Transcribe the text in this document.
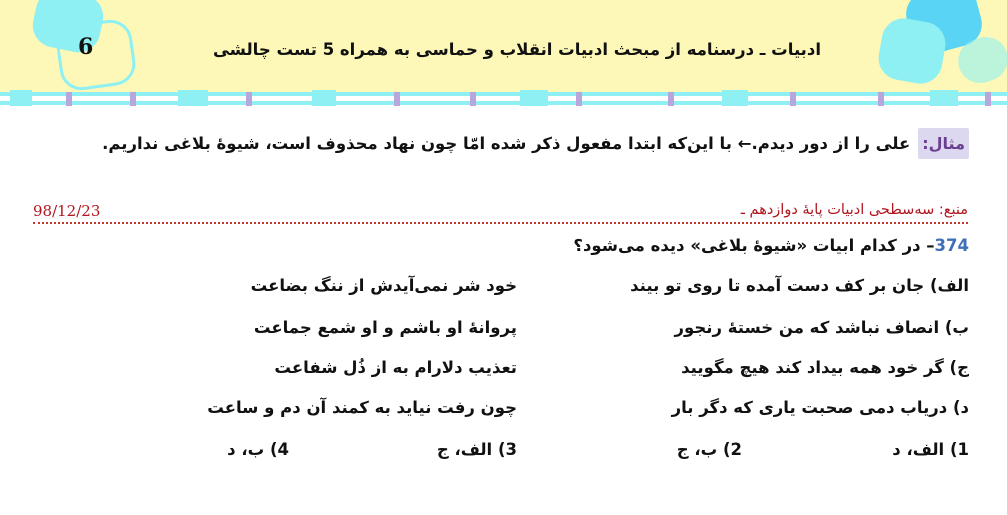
6	ادبیات ـ درسنامه از مبحث ادبیات انقلاب و حماسی به همراه 5 تست چالشی
مثال:
علی را از دور دیدم.← با این‌که ابتدا مفعول ذکر شده امّا چون نهاد محذوف است، شیوهٔ بلاغی نداریم.
منبع: سه‌سطحی ادبیات پایهٔ دوازدهم ـ
98/12/23
374– در کدام ابیات «شیوهٔ بلاغی» دیده می‌شود؟
الف) جان بر کف دست آمده تا روی تو بیند
خود شر نمی‌آیدش از ننگ بضاعت
ب) انصاف نباشد که من خستهٔ رنجور
پروانهٔ او باشم و او شمع جماعت
ج) گر خود همه بیداد کند هیچ مگویید
تعذیب دلارام به از ذُل شفاعت
د) دریاب دمی صحبت یاری که دگر بار
چون رفت نیاید به کمند آن دم و ساعت
1) الف، د
2) ب، ج
3) الف، ج
4) ب، د
